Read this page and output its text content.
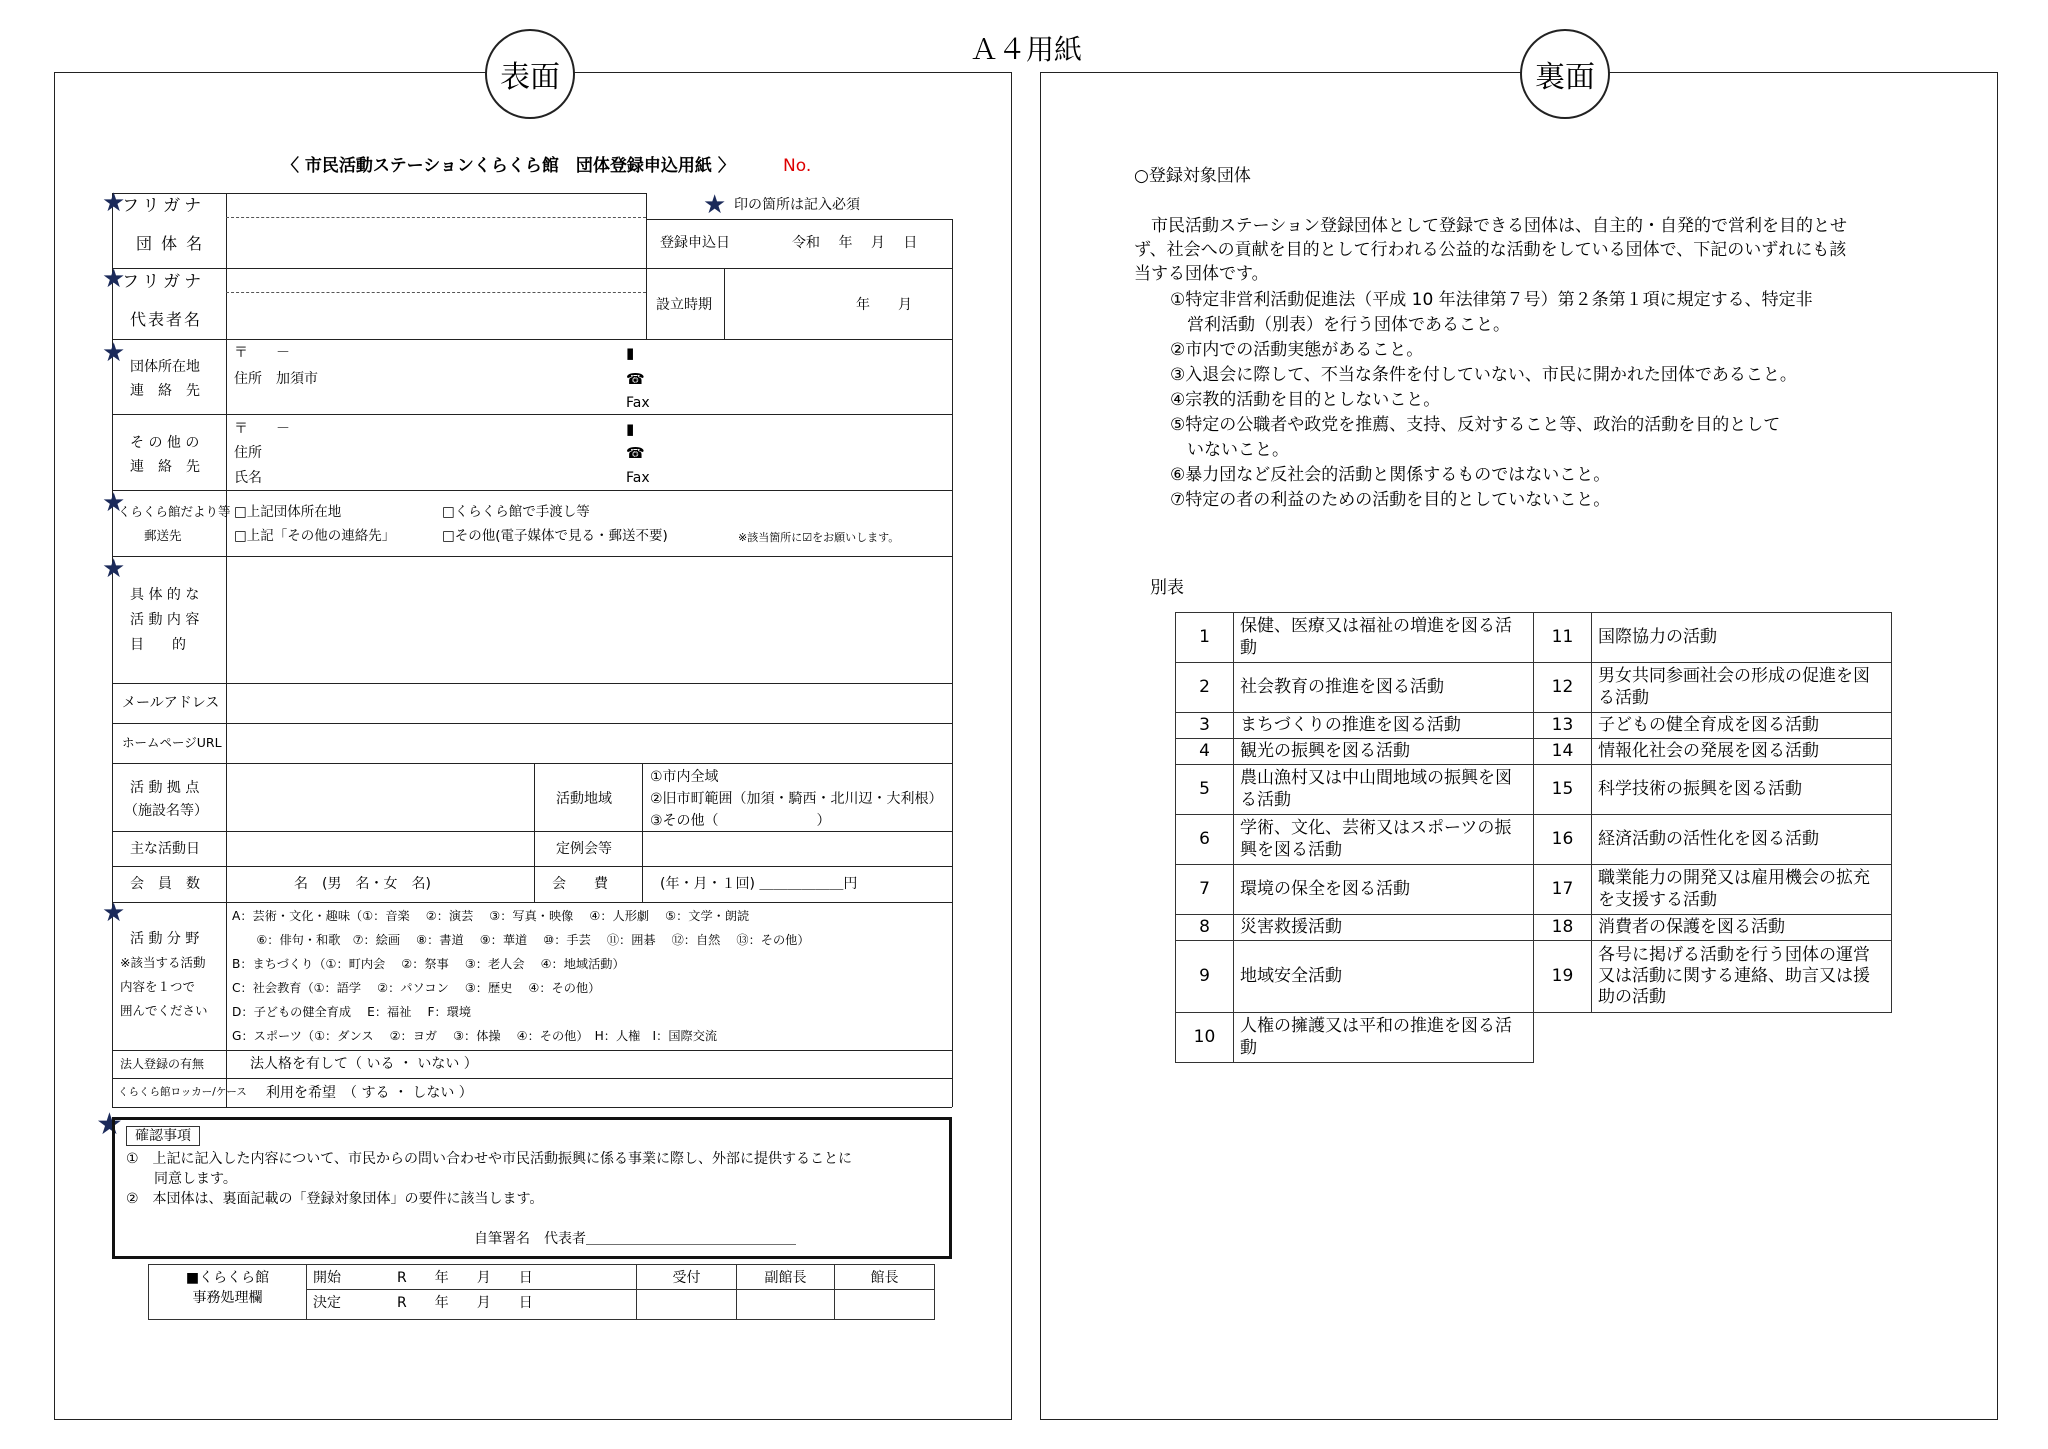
Ａ４用紙
表面
〈 市民活動ステーションくらくら館　団体登録申込用紙 〉	No.
★ 印の箇所は記入必須
★
★
★
★
★
★
★
フリガナ
団 体 名	登録申込日	令和　 年　 月　 日
フリガナ
代表者名
設立時期	年　　月
団体所在地
連　絡　先
〒　　－
住所　加須市
▮
☎
Fax
そ の 他 の
連　絡　先
〒　　－
住所
氏名
▮
☎
Fax
くらくら館だより等
郵送先
□上記団体所在地	□くらくら館で手渡し等
□上記「その他の連絡先」	□その他(電子媒体で見る・郵送不要)	※該当箇所に☑をお願いします。
具 体 的 な
活 動 内 容
目　　的
メールアドレス
ホームページURL
活 動 拠 点
（施設名等）
活動地域
①市内全域
②旧市町範囲（加須・騎西・北川辺・大利根）
③その他（　　　　　　　）
主な活動日	定例会等
会　員　数	名　(男　名・女　名)	会　　費	(年・月・１回) ＿＿＿＿＿＿円
活 動 分 野
※該当する活動
内容を１つで
囲んでください
A：芸術・文化・趣味（①：音楽　 ②：演芸　 ③：写真・映像　 ④：人形劇　 ⑤：文学・朗読
　　⑥：俳句・和歌　⑦：絵画　 ⑧：書道　 ⑨：華道　 ⑩：手芸　 ⑪：囲碁　 ⑫：自然　 ⑬：その他）
B：まちづくり（①：町内会　 ②：祭事　 ③：老人会　 ④：地域活動）
C：社会教育（①：語学　 ②：パソコン　 ③：歴史　 ④：その他）
D：子どもの健全育成　 E：福祉　 F：環境
G：スポーツ（①：ダンス　 ②：ヨガ　 ③：体操　 ④：その他）　H：人権　I：国際交流
法人登録の有無	法人格を有して（ いる ・ いない ）
くらくら館ロッカー/ケース 利用を希望　（ する ・ しない ）
確認事項
①　上記に記入した内容について、市民からの問い合わせや市民活動振興に係る事業に際し、外部に提供することに
　　同意します。
②　本団体は、裏面記載の「登録対象団体」の要件に該当します。
自筆署名　代表者＿＿＿＿＿＿＿＿＿＿＿＿＿＿＿
■くらくら館
事務処理欄	開始　　　　 R　　年　　月　　日	受付	副館長	館長
	決定　　　　 R　　年　　月　　日			
裏面
○登録対象団体
　市民活動ステーション登録団体として登録できる団体は、自主的・自発的で営利を目的とせ
ず、社会への貢献を目的として行われる公益的な活動をしている団体で、下記のいずれにも該
当する団体です。
①特定非営利活動促進法（平成 10 年法律第７号）第２条第１項に規定する、特定非
　営利活動（別表）を行う団体であること。
②市内での活動実態があること。
③入退会に際して、不当な条件を付していない、市民に開かれた団体であること。
④宗教的活動を目的としないこと。
⑤特定の公職者や政党を推薦、支持、反対すること等、政治的活動を目的として
　いないこと。
⑥暴力団など反社会的活動と関係するものではないこと。
⑦特定の者の利益のための活動を目的としていないこと。
別表
1	保健、医療又は福祉の増進を図る活動	11	国際協力の活動
2	社会教育の推進を図る活動	12	男女共同参画社会の形成の促進を図る活動
3	まちづくりの推進を図る活動	13	子どもの健全育成を図る活動
4	観光の振興を図る活動	14	情報化社会の発展を図る活動
5	農山漁村又は中山間地域の振興を図る活動	15	科学技術の振興を図る活動
6	学術、文化、芸術又はスポーツの振興を図る活動	16	経済活動の活性化を図る活動
7	環境の保全を図る活動	17	職業能力の開発又は雇用機会の拡充を支援する活動
8	災害救援活動	18	消費者の保護を図る活動
9	地域安全活動	19	各号に掲げる活動を行う団体の運営又は活動に関する連絡、助言又は援助の活動
10	人権の擁護又は平和の推進を図る活動		
